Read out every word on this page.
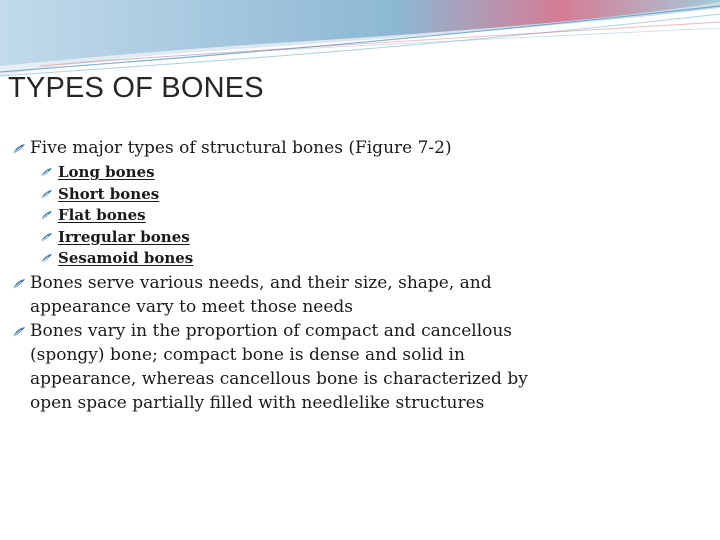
TYPES OF BONES
Five major types of structural bones (Figure 7-2)
Long bones
Short bones
Flat bones
Irregular bones
Sesamoid bones
Bones serve various needs, and their size, shape, and appearance vary to meet those needs
Bones vary in the proportion of compact and cancellous (spongy) bone; compact bone is dense and solid in appearance, whereas cancellous bone is characterized by open space partially filled with needlelike structures
